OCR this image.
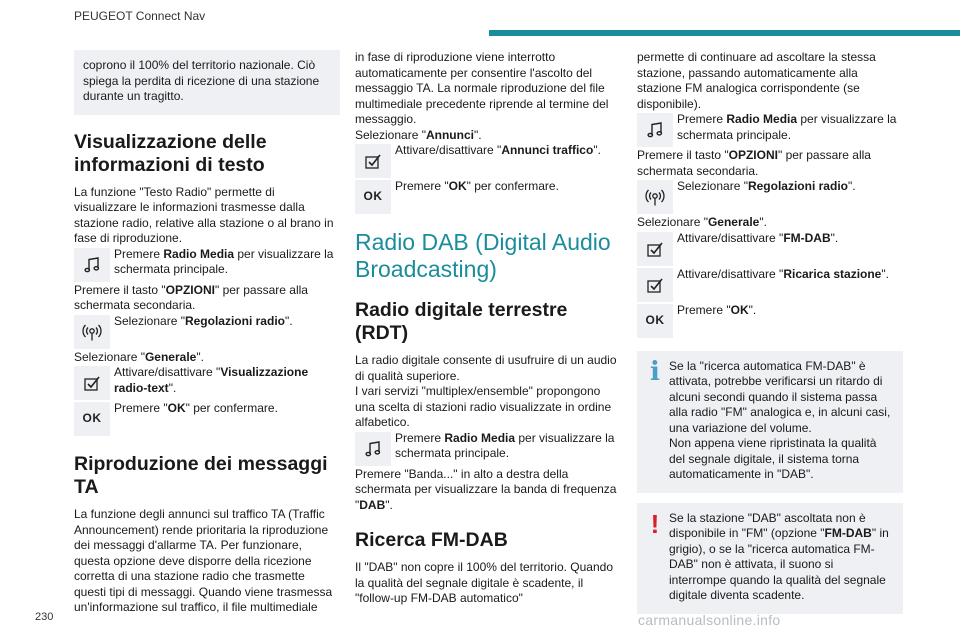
PEUGEOT Connect Nav

coprono il 100% del territorio nazionale. Ciò spiega la perdita di ricezione di una stazione durante un tragitto.

Visualizzazione delle informazioni di testo

La funzione "Testo Radio" permette di visualizzare le informazioni trasmesse dalla stazione radio, relative alla stazione o al brano in fase di riproduzione.

Premere Radio Media per visualizzare la schermata principale.

Premere il tasto "OPZIONI" per passare alla schermata secondaria.

Selezionare "Regolazioni radio".

Selezionare "Generale".

Attivare/disattivare "Visualizzazione radio-text".

OK

Premere "OK" per confermare.

Riproduzione dei messaggi TA

La funzione degli annunci sul traffico TA (Traffic Announcement) rende prioritaria la riproduzione dei messaggi d'allarme TA. Per funzionare, questa opzione deve disporre della ricezione corretta di una stazione radio che trasmette questi tipi di messaggi. Quando viene trasmessa un'informazione sul traffico, il file multimediale

in fase di riproduzione viene interrotto automaticamente per consentire l'ascolto del messaggio TA. La normale riproduzione del file multimediale precedente riprende al termine del messaggio.

Selezionare "Annunci".

Attivare/disattivare "Annunci traffico".

OK

Premere "OK" per confermare.

Radio DAB (Digital Audio Broadcasting)
Radio digitale terrestre (RDT)

La radio digitale consente di usufruire di un audio di qualità superiore.

I vari servizi "multiplex/ensemble" propongono una scelta di stazioni radio visualizzate in ordine alfabetico.

Premere Radio Media per visualizzare la schermata principale.

Premere "Banda..." in alto a destra della schermata per visualizzare la banda di frequenza "DAB".

Ricerca FM-DAB

Il "DAB" non copre il 100% del territorio. Quando la qualità del segnale digitale è scadente, il "follow-up FM-DAB automatico"

permette di continuare ad ascoltare la stessa stazione, passando automaticamente alla stazione FM analogica corrispondente (se disponibile).

Premere Radio Media per visualizzare la schermata principale.

Premere il tasto "OPZIONI" per passare alla schermata secondaria.

Selezionare "Regolazioni radio".

Selezionare "Generale".

Attivare/disattivare "FM-DAB".

Attivare/disattivare "Ricarica stazione".

OK

Premere "OK".

i Se la "ricerca automatica FM-DAB" è attivata, potrebbe verificarsi un ritardo di alcuni secondi quando il sistema passa alla radio "FM" analogica e, in alcuni casi, una variazione del volume.

Non appena viene ripristinata la qualità del segnale digitale, il sistema torna automaticamente in "DAB".

! Se la stazione "DAB" ascoltata non è disponibile in "FM" (opzione "FM-DAB" in grigio), o se la "ricerca automatica FM-DAB" non è attivata, il suono si interrompe quando la qualità del segnale digitale diventa scadente.

230	carmanualsonline.info
